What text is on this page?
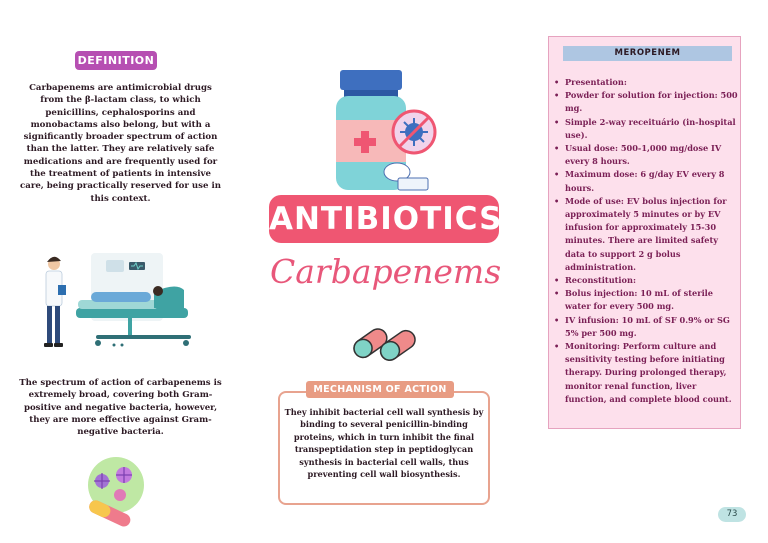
DEFINITION
Carbapenems are antimicrobial drugs from the β-lactam class, to which penicillins, cephalosporins and monobactams also belong, but with a significantly broader spectrum of action than the latter. They are relatively safe medications and are frequently used for the treatment of patients in intensive care, being practically reserved for use in this context.
The spectrum of action of carbapenems is extremely broad, covering both Gram-positive and negative bacteria, however, they are more effective against Gram-negative bacteria.
ANTIBIOTICS
Carbapenems
MECHANISM OF ACTION
They inhibit bacterial cell wall synthesis by binding to several penicillin-binding proteins, which in turn inhibit the final transpeptidation step in peptidoglycan synthesis in bacterial cell walls, thus preventing cell wall biosynthesis.
MEROPENEM
• Presentation:
• Powder for solution for injection: 500 mg.
• Simple 2-way receituário (in-hospital use).
• Usual dose: 500-1,000 mg/dose IV every 8 hours.
• Maximum dose: 6 g/day EV every 8 hours.
• Mode of use: EV bolus injection for approximately 5 minutes or by EV infusion for approximately 15-30 minutes. There are limited safety data to support 2 g bolus administration.
• Reconstitution:
• Bolus injection: 10 mL of sterile water for every 500 mg.
• IV infusion: 10 mL of SF 0.9% or SG 5% per 500 mg.
• Monitoring: Perform culture and sensitivity testing before initiating therapy. During prolonged therapy, monitor renal function, liver function, and complete blood count.
73
